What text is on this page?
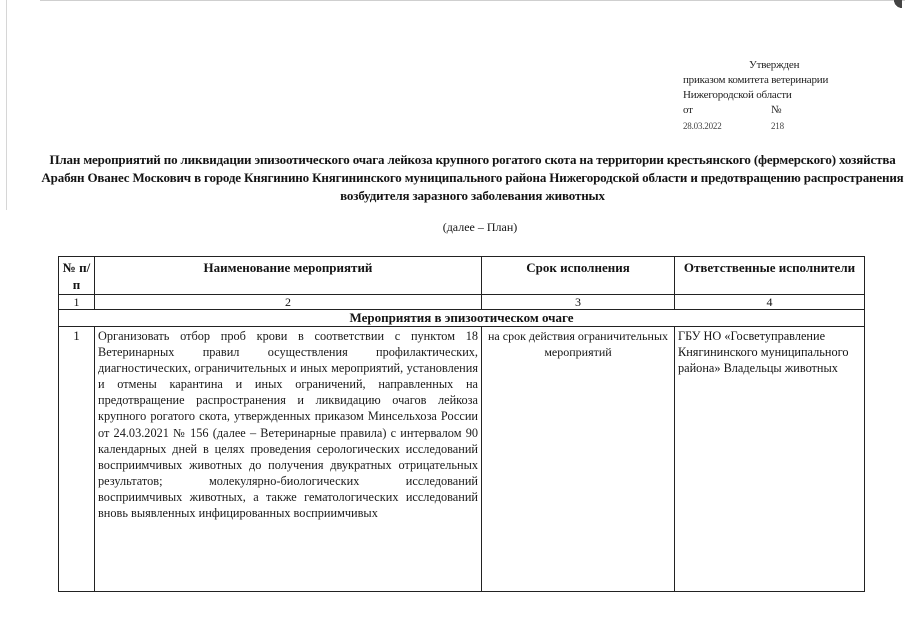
Утвержден
приказом комитета ветеринарии
Нижегородской области
от	№
28.03.2022	218
План мероприятий по ликвидации эпизоотического очага лейкоза крупного рогатого скота на территории крестьянского (фермерского) хозяйства Арабян Ованес Москович в городе Княгинино Княгининского муниципального района Нижегородской области и предотвращению распространения возбудителя заразного заболевания животных
(далее – План)
№ п/п	Наименование мероприятий	Срок исполнения	Ответственные исполнители
1	2	3	4
Мероприятия в эпизоотическом очаге			
1	Организовать отбор проб крови в соответствии с пунктом 18 Ветеринарных правил осуществления профилактических, диагностических, ограничительных и иных мероприятий, установления и отмены карантина и иных ограничений, направленных на предотвращение распространения и ликвидацию очагов лейкоза крупного рогатого скота, утвержденных приказом Минсельхоза России от 24.03.2021 № 156 (далее – Ветеринарные правила) с интервалом 90 календарных дней в целях проведения серологических исследований восприимчивых животных до получения двукратных отрицательных результатов; молекулярно-биологических исследований восприимчивых животных, а также гематологических исследований вновь выявленных инфицированных восприимчивых	на срок действия ограничительных мероприятий	ГБУ НО «Госветуправление Княгининского муниципального района» Владельцы животных
